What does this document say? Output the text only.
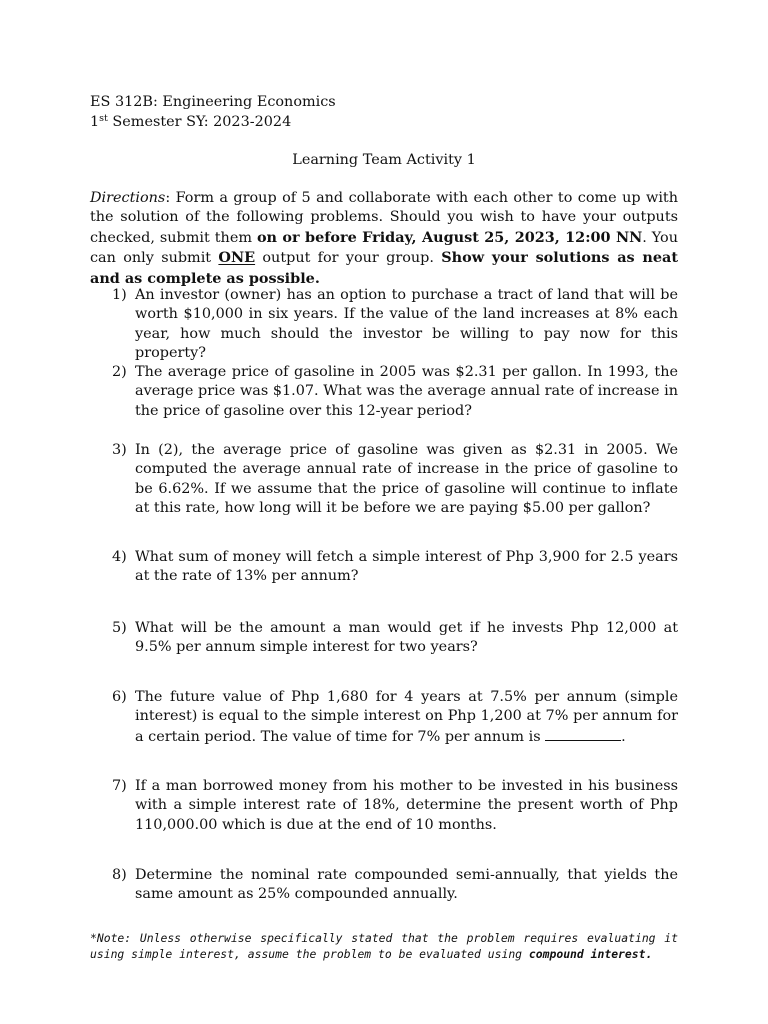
ES 312B: Engineering Economics
1st Semester SY: 2023-2024
Learning Team Activity 1
Directions: Form a group of 5 and collaborate with each other to come up with the solution of the following problems. Should you wish to have your outputs checked, submit them on or before Friday, August 25, 2023, 12:00 NN. You can only submit ONE output for your group. Show your solutions as neat and as complete as possible.
1) An investor (owner) has an option to purchase a tract of land that will be worth $10,000 in six years. If the value of the land increases at 8% each year, how much should the investor be willing to pay now for this property?
2) The average price of gasoline in 2005 was $2.31 per gallon. In 1993, the average price was $1.07. What was the average annual rate of increase in the price of gasoline over this 12-year period?
3) In (2), the average price of gasoline was given as $2.31 in 2005. We computed the average annual rate of increase in the price of gasoline to be 6.62%. If we assume that the price of gasoline will continue to inflate at this rate, how long will it be before we are paying $5.00 per gallon?
4) What sum of money will fetch a simple interest of Php 3,900 for 2.5 years at the rate of 13% per annum?
5) What will be the amount a man would get if he invests Php 12,000 at 9.5% per annum simple interest for two years?
6) The future value of Php 1,680 for 4 years at 7.5% per annum (simple interest) is equal to the simple interest on Php 1,200 at 7% per annum for a certain period. The value of time for 7% per annum is	.
7) If a man borrowed money from his mother to be invested in his business with a simple interest rate of 18%, determine the present worth of Php 110,000.00 which is due at the end of 10 months.
8) Determine the nominal rate compounded semi-annually, that yields the same amount as 25% compounded annually.
*Note: Unless otherwise specifically stated that the problem requires evaluating it using simple interest, assume the problem to be evaluated using compound interest.
